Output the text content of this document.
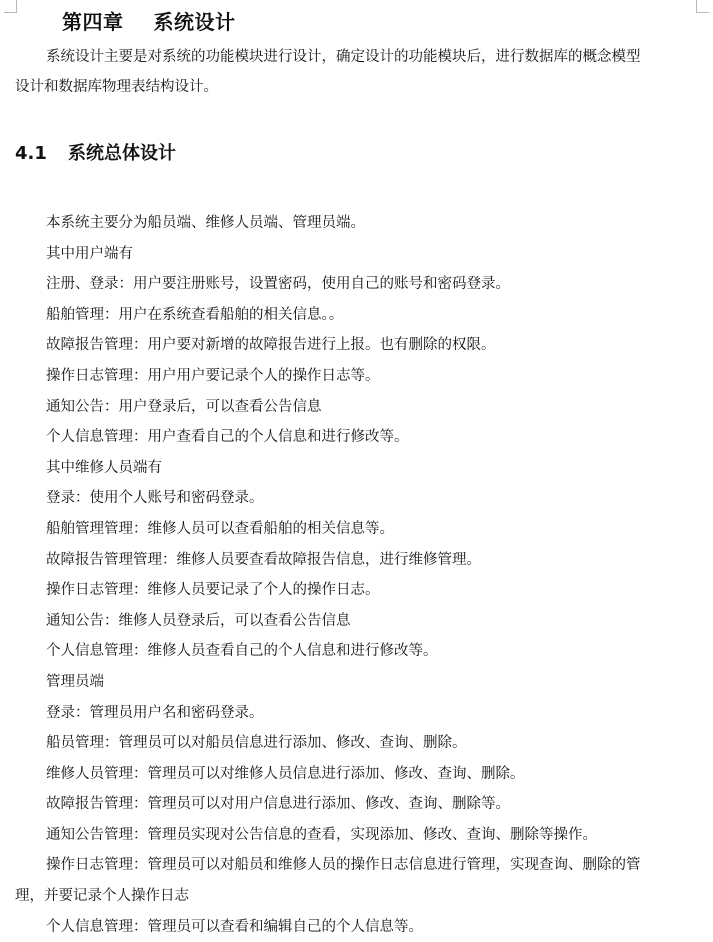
第四章 系统设计
系统设计主要是对系统的功能模块进行设计，确定设计的功能模块后，进行数据库的概念模型
设计和数据库物理表结构设计。
4.1 系统总体设计
本系统主要分为船员端、维修人员端、管理员端。
其中用户端有
注册、登录：用户要注册账号，设置密码，使用自己的账号和密码登录。
船舶管理：用户在系统查看船舶的相关信息。。
故障报告管理：用户要对新增的故障报告进行上报。也有删除的权限。
操作日志管理：用户用户要记录个人的操作日志等。
通知公告：用户登录后，可以查看公告信息
个人信息管理：用户查看自己的个人信息和进行修改等。
其中维修人员端有
登录：使用个人账号和密码登录。
船舶管理管理：维修人员可以查看船舶的相关信息等。
故障报告管理管理：维修人员要查看故障报告信息，进行维修管理。
操作日志管理：维修人员要记录了个人的操作日志。
通知公告：维修人员登录后，可以查看公告信息
个人信息管理：维修人员查看自己的个人信息和进行修改等。
管理员端
登录：管理员用户名和密码登录。
船员管理：管理员可以对船员信息进行添加、修改、查询、删除。
维修人员管理：管理员可以对维修人员信息进行添加、修改、查询、删除。
故障报告管理：管理员可以对用户信息进行添加、修改、查询、删除等。
通知公告管理：管理员实现对公告信息的查看，实现添加、修改、查询、删除等操作。
操作日志管理：管理员可以对船员和维修人员的操作日志信息进行管理，实现查询、删除的管
理，并要记录个人操作日志
个人信息管理：管理员可以查看和编辑自己的个人信息等。
